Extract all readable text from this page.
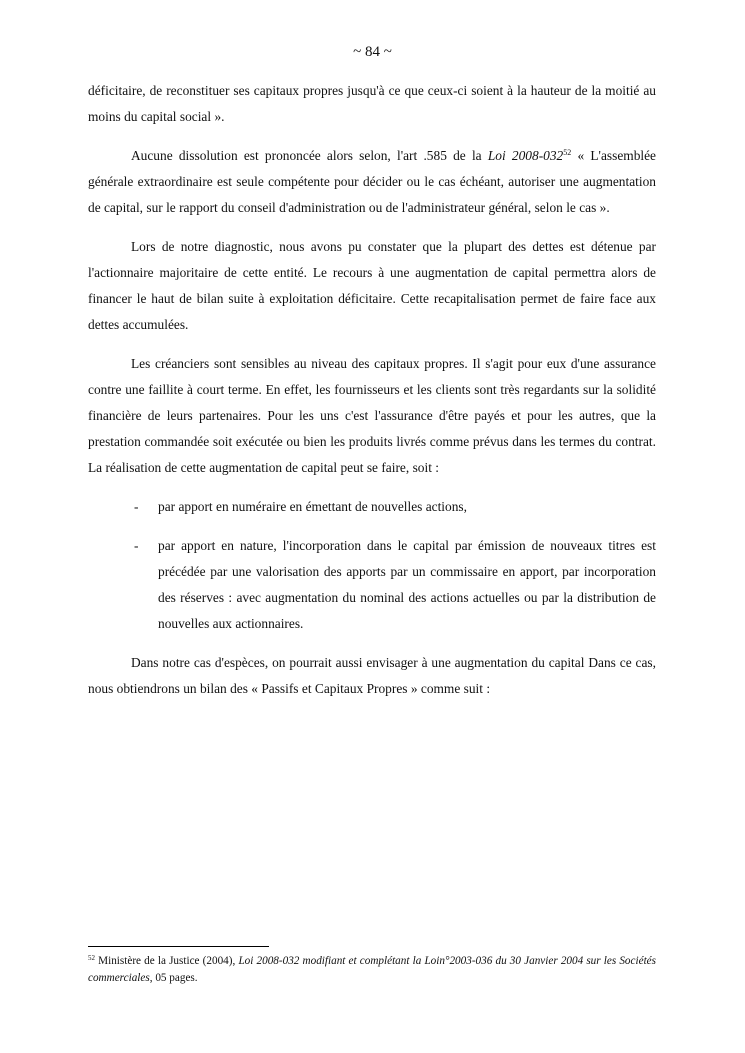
~ 84 ~

déficitaire, de reconstituer ses capitaux propres jusqu'à ce que ceux-ci soient à la hauteur de la moitié au moins du capital social ».

Aucune dissolution est prononcée alors selon, l'art .585 de la Loi $2008-032^{52}$ « L'assemblée générale extraordinaire est seule compétente pour décider ou le cas échéant, autoriser une augmentation de capital, sur le rapport du conseil d'administration ou de l'administrateur général, selon le cas ».

Lors de notre diagnostic, nous avons pu constater que la plupart des dettes est détenue par l'actionnaire majoritaire de cette entité. Le recours à une augmentation de capital permettra alors de financer le haut de bilan suite à exploitation déficitaire. Cette recapitalisation permet de faire face aux dettes accumulées.

Les créanciers sont sensibles au niveau des capitaux propres. Il s'agit pour eux d'une assurance contre une faillite à court terme. En effet, les fournisseurs et les clients sont très regardants sur la solidité financière de leurs partenaires. Pour les uns c'est l'assurance d'être payés et pour les autres, que la prestation commandée soit exécutée ou bien les produits livrés comme prévus dans les termes du contrat. La réalisation de cette augmentation de capital peut se faire, soit :

-	par apport en numéraire en émettant de nouvelles actions,
-	par apport en nature, l'incorporation dans le capital par émission de nouveaux titres est précédée par une valorisation des apports par un commissaire en apport, par incorporation des réserves : avec augmentation du nominal des actions actuelles ou par la distribution de nouvelles aux actionnaires.

Dans notre cas d'espèces, on pourrait aussi envisager à une augmentation du capital Dans ce cas, nous obtiendrons un bilan des « Passifs et Capitaux Propres » comme suit :

$^{52}$ Ministère de la Justice (2004), Loi 2008-032 modifiant et complétant la Loin°2003-036 du 30 Janvier 2004 sur les Sociétés commerciales, 05 pages.
